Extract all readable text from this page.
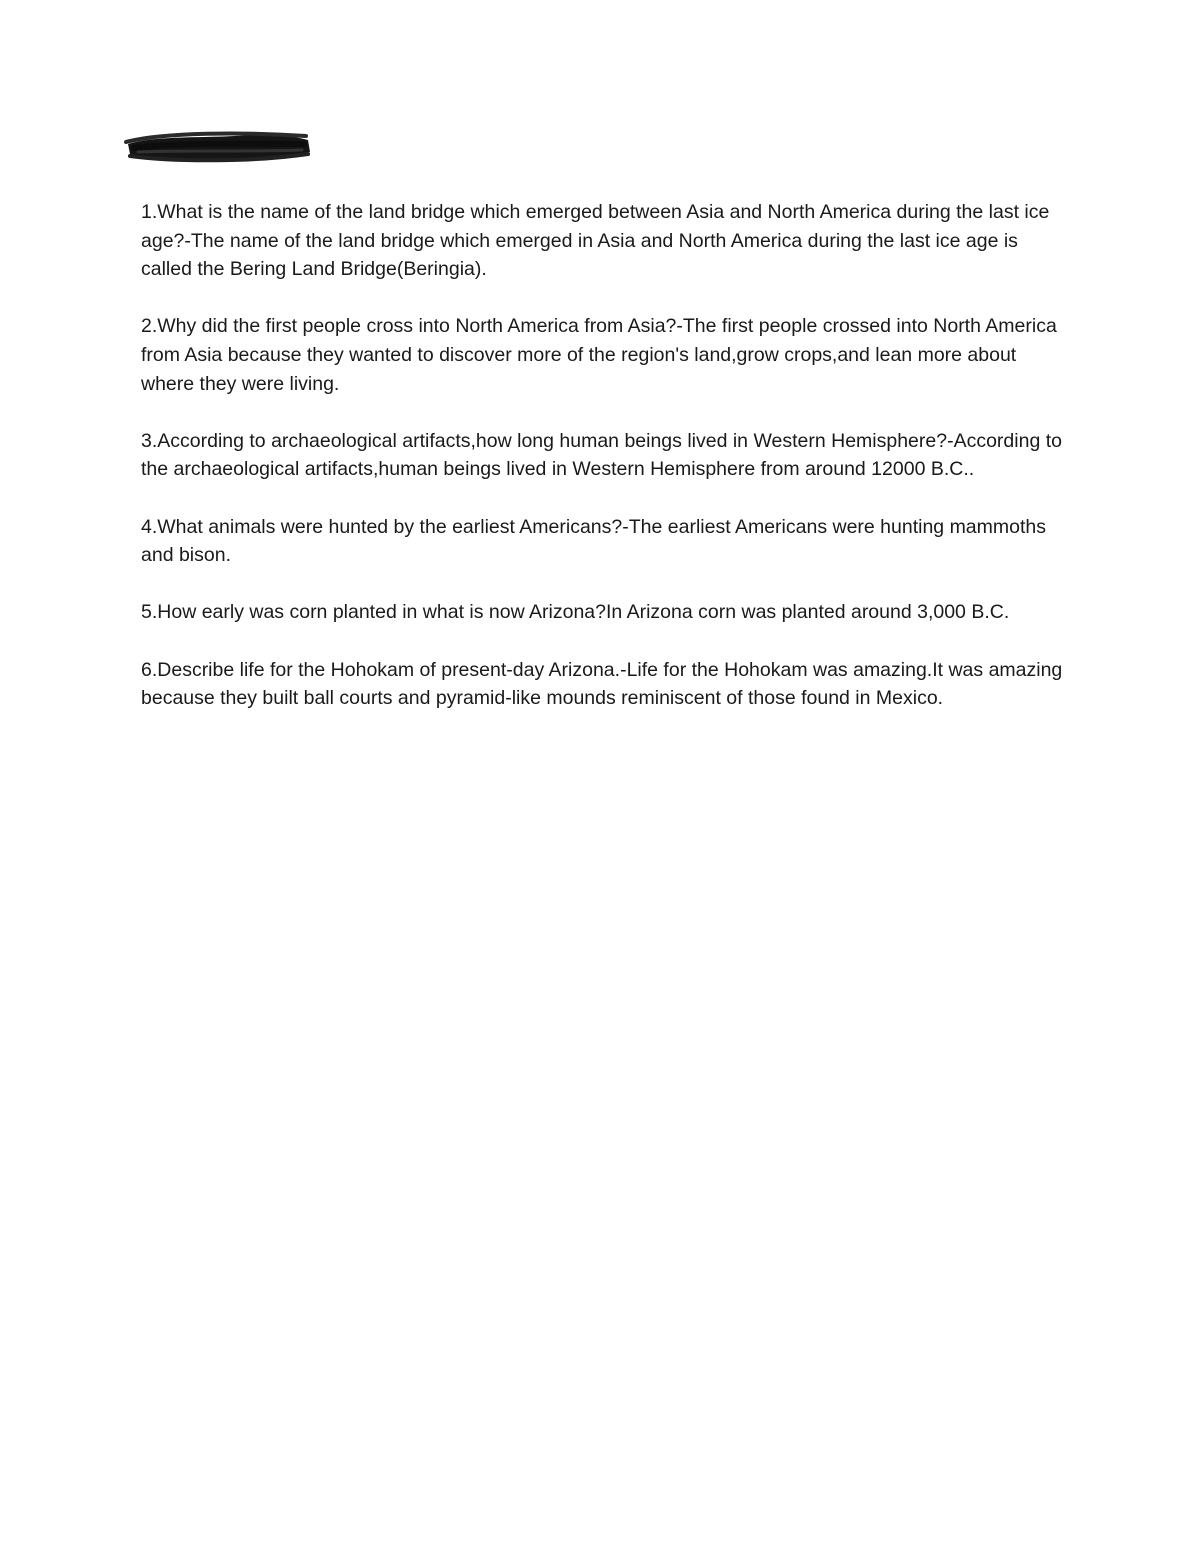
1.What is the name of the land bridge which emerged between Asia and North America during the last ice age?-The name of the land bridge which emerged in Asia and North America during the last ice age is called the Bering Land Bridge(Beringia).

2.Why did the first people cross into North America from Asia?-The first people crossed into North America from Asia because they wanted to discover more of the region's land,grow crops,and lean more about where they were living.

3.According to archaeological artifacts,how long human beings lived in Western Hemisphere?-According to the archaeological artifacts,human beings lived in Western Hemisphere from around 12000 B.C..

4.What animals were hunted by the earliest Americans?-The earliest Americans were hunting mammoths and bison.

5.How early was corn planted in what is now Arizona?In Arizona corn was planted around 3,000 B.C.

6.Describe life for the Hohokam of present-day Arizona.-Life for the Hohokam was amazing.It was amazing because they built ball courts and pyramid-like mounds reminiscent of those found in Mexico.
